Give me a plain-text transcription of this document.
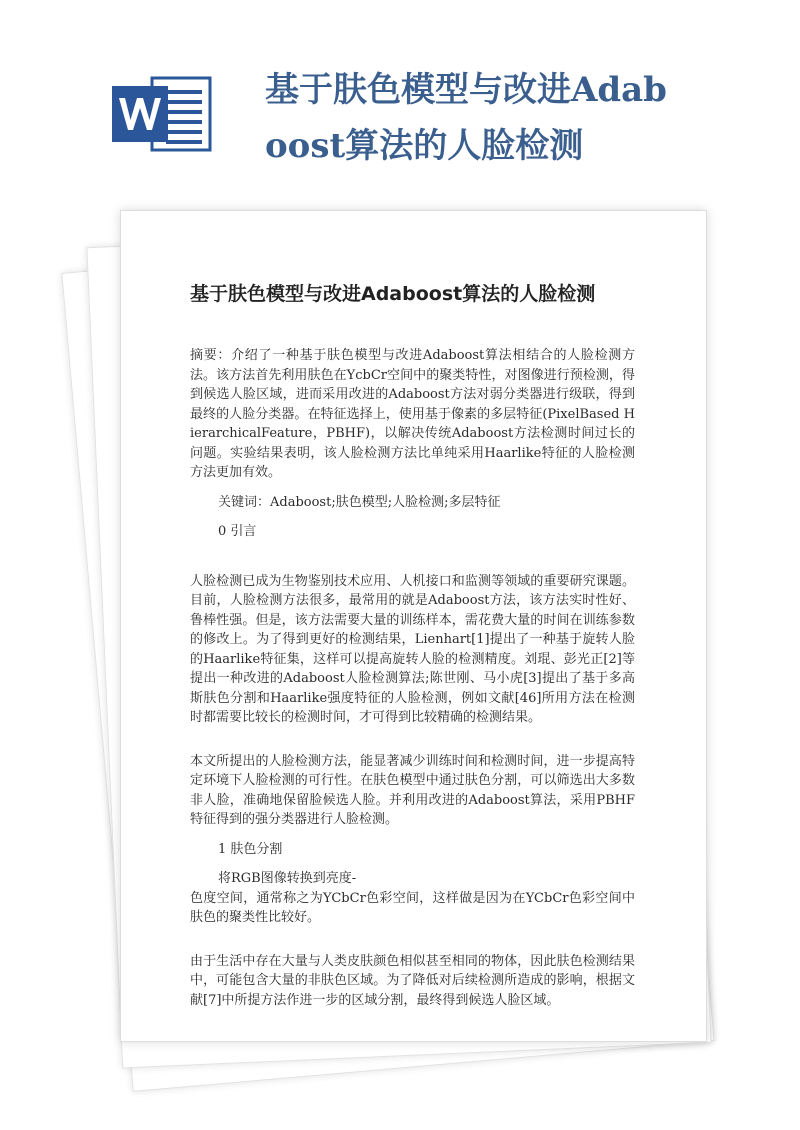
基于肤色模型与改进Adaboost算法的人脸检测
基于肤色模型与改进Adaboost算法的人脸检测

摘要：介绍了一种基于肤色模型与改进Adaboost算法相结合的人脸检测方法。该方法首先利用肤色在YcbCr空间中的聚类特性，对图像进行预检测，得到候选人脸区域，进而采用改进的Adaboost方法对弱分类器进行级联，得到最终的人脸分类器。在特征选择上，使用基于像素的多层特征(PixelBased HierarchicalFeature，PBHF)，以解决传统Adaboost方法检测时间过长的问题。实验结果表明，该人脸检测方法比单纯采用Haarlike特征的人脸检测方法更加有效。

关键词：Adaboost;肤色模型;人脸检测;多层特征

0 引言

人脸检测已成为生物鉴别技术应用、人机接口和监测等领域的重要研究课题。目前，人脸检测方法很多，最常用的就是Adaboost方法，该方法实时性好、鲁棒性强。但是，该方法需要大量的训练样本，需花费大量的时间在训练参数的修改上。为了得到更好的检测结果，Lienhart[1]提出了一种基于旋转人脸的Haarlike特征集，这样可以提高旋转人脸的检测精度。刘琨、彭光正[2]等提出一种改进的Adaboost人脸检测算法;陈世刚、马小虎[3]提出了基于多高斯肤色分割和Haarlike强度特征的人脸检测，例如文献[46]所用方法在检测时都需要比较长的检测时间，才可得到比较精确的检测结果。

本文所提出的人脸检测方法，能显著减少训练时间和检测时间，进一步提高特定环境下人脸检测的可行性。在肤色模型中通过肤色分割，可以筛选出大多数非人脸，准确地保留脸候选人脸。并利用改进的Adaboost算法，采用PBHF特征得到的强分类器进行人脸检测。

1 肤色分割

将RGB图像转换到亮度-

色度空间，通常称之为YCbCr色彩空间，这样做是因为在YCbCr色彩空间中肤色的聚类性比较好。

由于生活中存在大量与人类皮肤颜色相似甚至相同的物体，因此肤色检测结果中，可能包含大量的非肤色区域。为了降低对后续检测所造成的影响，根据文献[7]中所提方法作进一步的区域分割，最终得到候选人脸区域。
